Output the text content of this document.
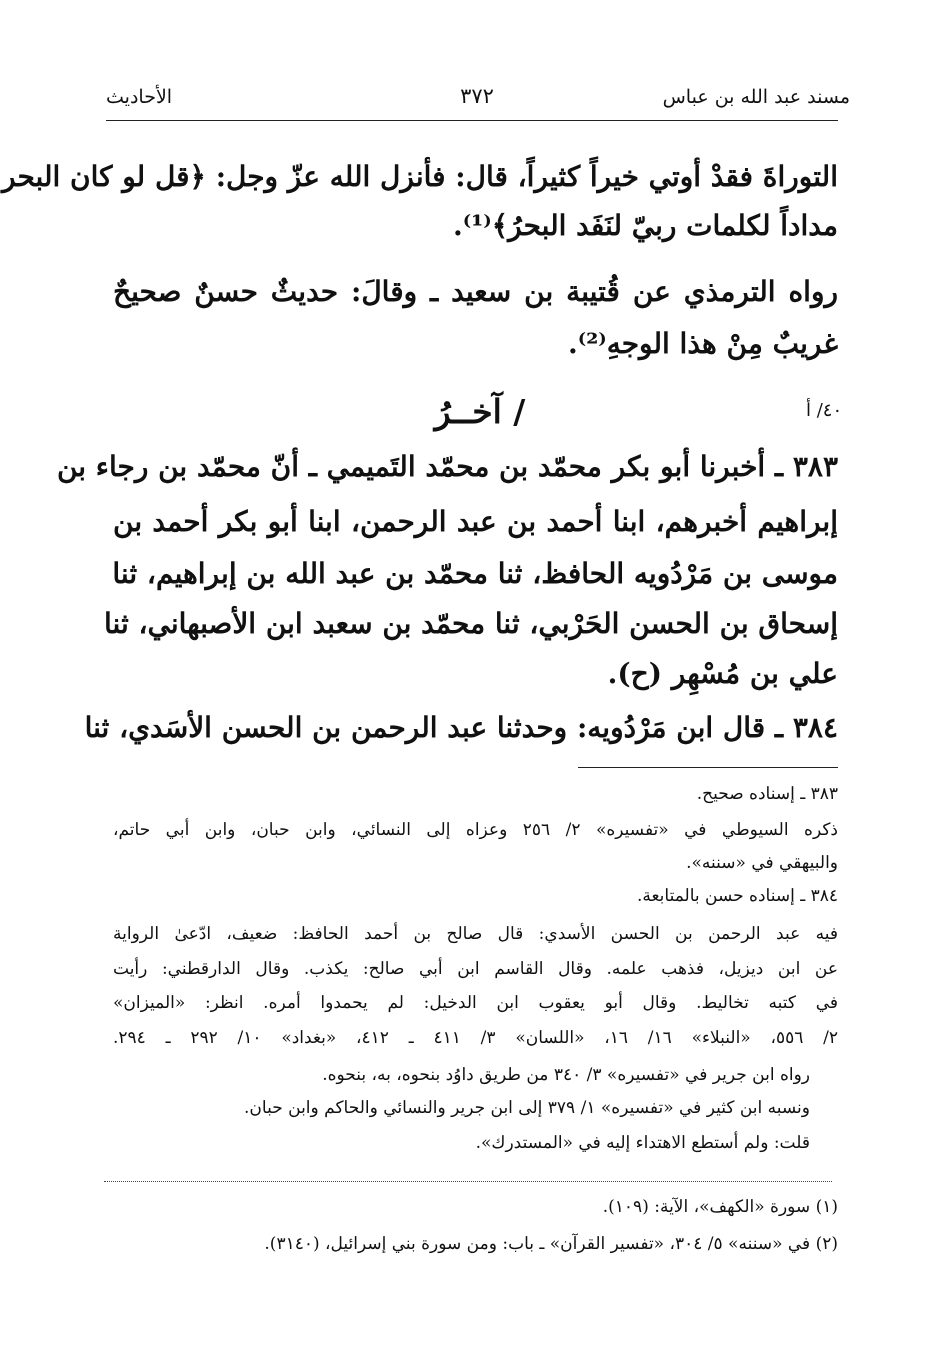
مسند عبد الله بن عباس
٣٧٢
الأحاديث
التوراةَ فقدْ أوتي خيراً كثيراً، قال: فأنزل الله عزّ وجل: ﴿قل لو كان البحر
مداداً لكلمات ربيّ لنَفَد البحرُ﴾⁽¹⁾.
رواه الترمذي عن قُتيبة بن سعيد ـ وقالَ: حديثٌ حسنٌ صحيحٌ
غريبٌ مِنْ هذا الوجهِ⁽²⁾.
/ آخــرُ	٤٠/ أ
٣٨٣ ـ أخبرنا أبو بكر محمّد بن محمّد التَميمي ـ أنّ محمّد بن رجاء بن
إبراهيم أخبرهم، ابنا أحمد بن عبد الرحمن، ابنا أبو بكر أحمد بن
موسى بن مَرْدُويه الحافظ، ثنا محمّد بن عبد الله بن إبراهيم، ثنا
إسحاق بن الحسن الحَرْبي، ثنا محمّد بن سعبد ابن الأصبهاني، ثنا
علي بن مُسْهِر (ح).
٣٨٤ ـ قال ابن مَرْدُويه: وحدثنا عبد الرحمن بن الحسن الأسَدي، ثنا
٣٨٣ ـ إسناده صحيح.
ذكره السيوطي في «تفسيره» ٢/ ٢٥٦ وعزاه إلى النسائي، وابن حبان، وابن أبي حاتم،
والبيهقي في «سننه».
٣٨٤ ـ إسناده حسن بالمتابعة.
فيه عبد الرحمن بن الحسن الأسدي: قال صالح بن أحمد الحافظ: ضعيف، ادّعىٰ الرواية
عن ابن ديزيل، فذهب علمه. وقال القاسم ابن أبي صالح: يكذب. وقال الدارقطني: رأيت
في كتبه تخاليط. وقال أبو يعقوب ابن الدخيل: لم يحمدوا أمره. انظر: «الميزان»
٢/ ٥٥٦، «النبلاء» ١٦/ ١٦، «اللسان» ٣/ ٤١١ ـ ٤١٢، «بغداد» ١٠/ ٢٩٢ ـ ٢٩٤.
رواه ابن جرير في «تفسيره» ٣/ ٣٤٠ من طريق داوُد بنحوه، به، بنحوه.
ونسبه ابن كثير في «تفسيره» ١/ ٣٧٩ إلى ابن جرير والنسائي والحاكم وابن حبان.
قلت: ولم أستطع الاهتداء إليه في «المستدرك».
(١) سورة «الكهف»، الآية: (١٠٩).
(٢) في «سننه» ٥/ ٣٠٤، «تفسير القرآن» ـ باب: ومن سورة بني إسرائيل، (٣١٤٠).
